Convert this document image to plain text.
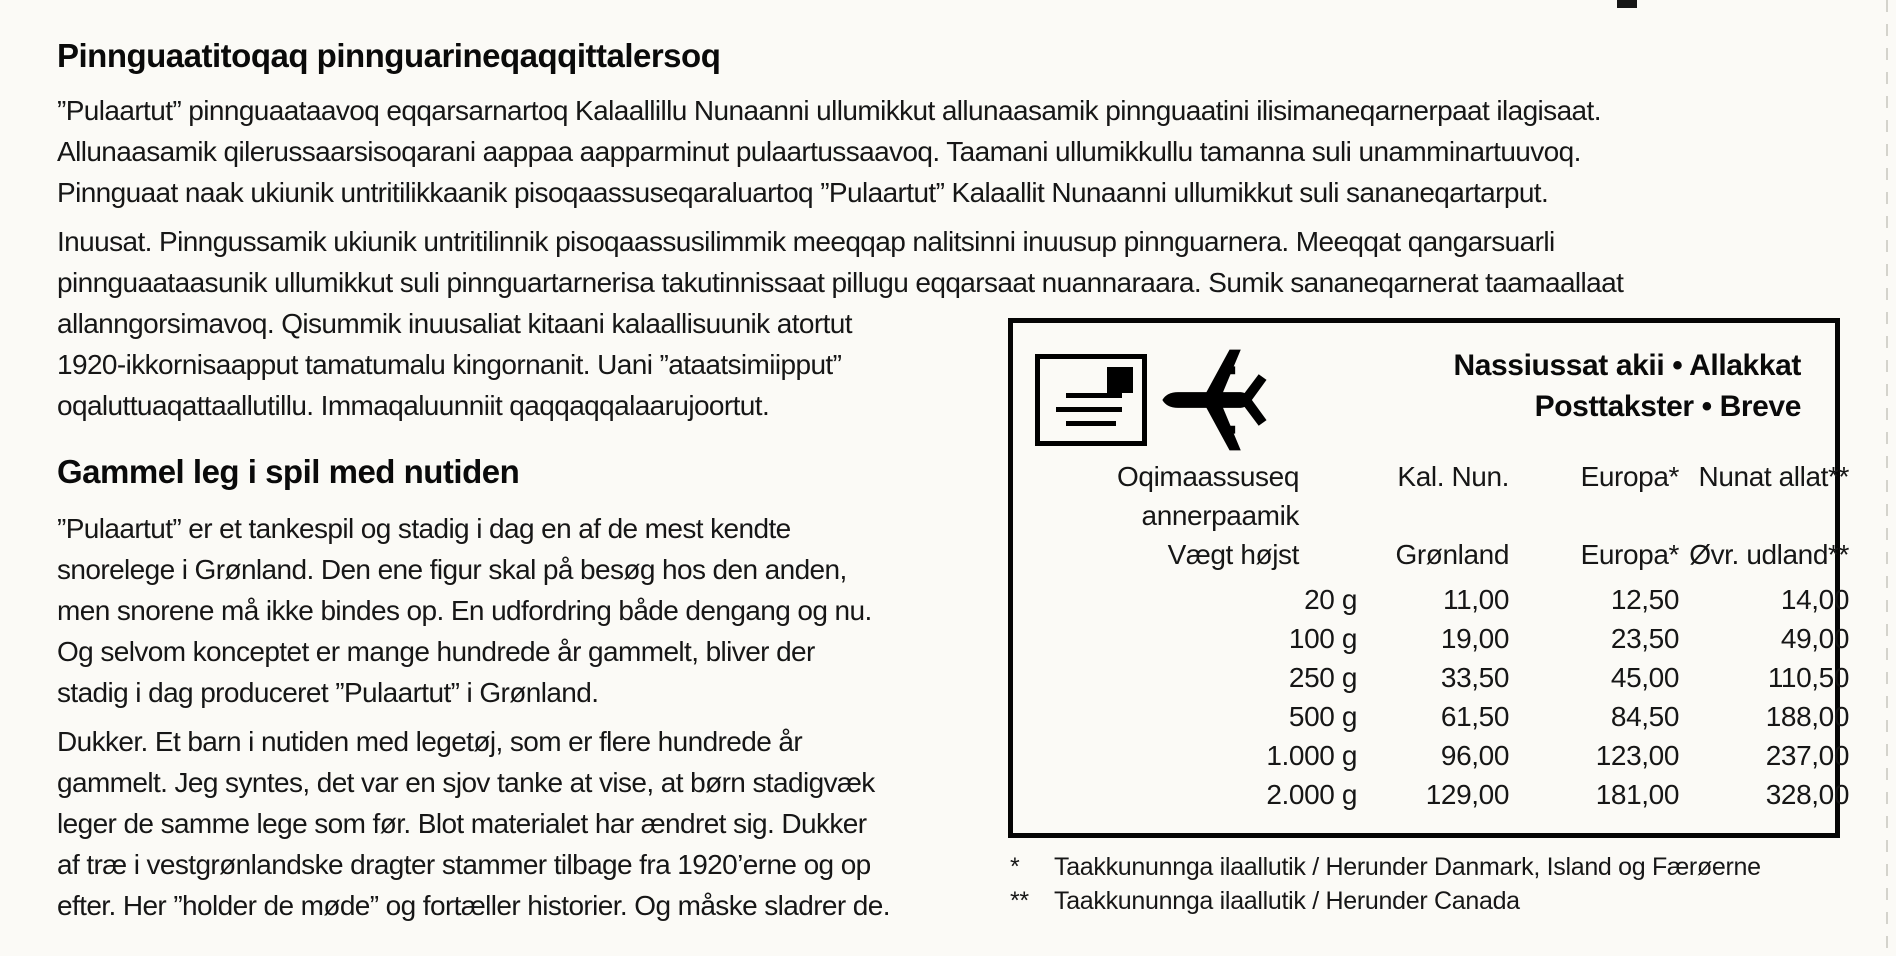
Pinnguaatitoqaq pinnguarineqaqqittalersoq
”Pulaartut” pinnguaataavoq eqqarsarnartoq Kalaallillu Nunaanni ullumikkut allunaasamik pinnguaatini ilisimaneqarnerpaat ilagisaat.
Allunaasamik qilerussaarsisoqarani aappaa aapparminut pulaartussaavoq. Taamani ullumikkullu tamanna suli unamminartuuvoq.
Pinnguaat naak ukiunik untritilikkaanik pisoqaassuseqaraluartoq ”Pulaartut” Kalaallit Nunaanni ullumikkut suli sananeqartarput.
Inuusat. Pinngussamik ukiunik untritilinnik pisoqaassusilimmik meeqqap nalitsinni inuusup pinnguarnera. Meeqqat qangarsuarli
pinnguaataasunik ullumikkut suli pinnguartarnerisa takutinnissaat pillugu eqqarsaat nuannaraara. Sumik sananeqarnerat taamaallaat
allanngorsimavoq. Qisummik inuusaliat kitaani kalaallisuunik atortut
1920-ikkornisaapput tamatumalu kingornanit. Uani ”ataatsimiipput”
oqaluttuaqattaallutillu. Immaqaluunniit qaqqaqqalaarujoortut.
Gammel leg i spil med nutiden
”Pulaartut” er et tankespil og stadig i dag en af de mest kendte
snorelege i Grønland. Den ene figur skal på besøg hos den anden,
men snorene må ikke bindes op. En udfordring både dengang og nu.
Og selvom konceptet er mange hundrede år gammelt, bliver der
stadig i dag produceret ”Pulaartut” i Grønland.
Dukker. Et barn i nutiden med legetøj, som er flere hundrede år
gammelt. Jeg syntes, det var en sjov tanke at vise, at børn stadigvæk
leger de samme lege som før. Blot materialet har ændret sig. Dukker
af træ i vestgrønlandske dragter stammer tilbage fra 1920’erne og op
efter. Her ”holder de møde” og fortæller historier. Og måske sladrer de.
Nassiussat akii • Allakkat
Posttakster • Breve
Oqimaassuseq	Kal. Nun.	Europa*	Nunat allat**
annerpaamik			
Vægt højst	Grønland	Europa*	Øvr. udland**
20 g	11,00	12,50	14,00
100 g	19,00	23,50	49,00
250 g	33,50	45,00	110,50
500 g	61,50	84,50	188,00
1.000 g	96,00	123,00	237,00
2.000 g	129,00	181,00	328,00
*	Taakkununnga ilaallutik / Herunder Danmark, Island og Færøerne
**	Taakkununnga ilaallutik / Herunder Canada
